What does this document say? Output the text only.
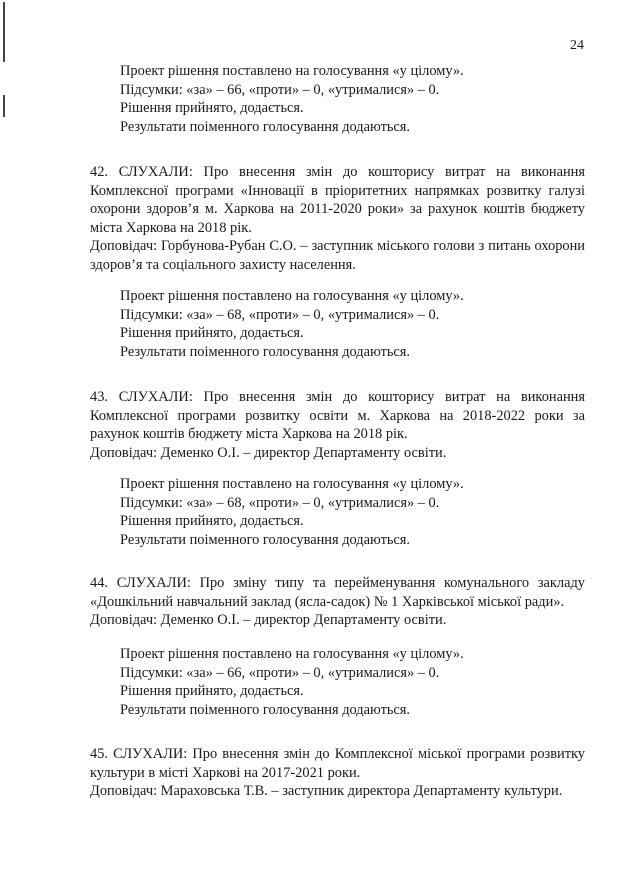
24

Проект рішення поставлено на голосування «у цілому».

Підсумки: «за» – 66, «проти» – 0, «утрималися» – 0.

Рішення прийнято, додається.

Результати поіменного голосування додаються.

42. СЛУХАЛИ: Про внесення змін до кошторису витрат на виконання Комплексної програми «Інновації в пріоритетних напрямках розвитку галузі охорони здоров’я м. Харкова на 2011-2020 роки» за рахунок коштів бюджету міста Харкова на 2018 рік.

Доповідач: Горбунова-Рубан С.О. – заступник міського голови з питань охорони здоров’я та соціального захисту населення.

Проект рішення поставлено на голосування «у цілому».

Підсумки: «за» – 68, «проти» – 0, «утрималися» – 0.

Рішення прийнято, додається.

Результати поіменного голосування додаються.

43. СЛУХАЛИ: Про внесення змін до кошторису витрат на виконання Комплексної програми розвитку освіти м. Харкова на 2018-2022 роки за рахунок коштів бюджету міста Харкова на 2018 рік.

Доповідач: Деменко О.І. – директор Департаменту освіти.

Проект рішення поставлено на голосування «у цілому».

Підсумки: «за» – 68, «проти» – 0, «утрималися» – 0.

Рішення прийнято, додається.

Результати поіменного голосування додаються.

44. СЛУХАЛИ: Про зміну типу та перейменування комунального закладу «Дошкільний навчальний заклад (ясла-садок) № 1 Харківської міської ради».

Доповідач: Деменко О.І. – директор Департаменту освіти.

Проект рішення поставлено на голосування «у цілому».

Підсумки: «за» – 66, «проти» – 0, «утрималися» – 0.

Рішення прийнято, додається.

Результати поіменного голосування додаються.

45. СЛУХАЛИ: Про внесення змін до Комплексної міської програми розвитку культури в місті Харкові на 2017-2021 роки.

Доповідач: Мараховська Т.В. – заступник директора Департаменту культури.
